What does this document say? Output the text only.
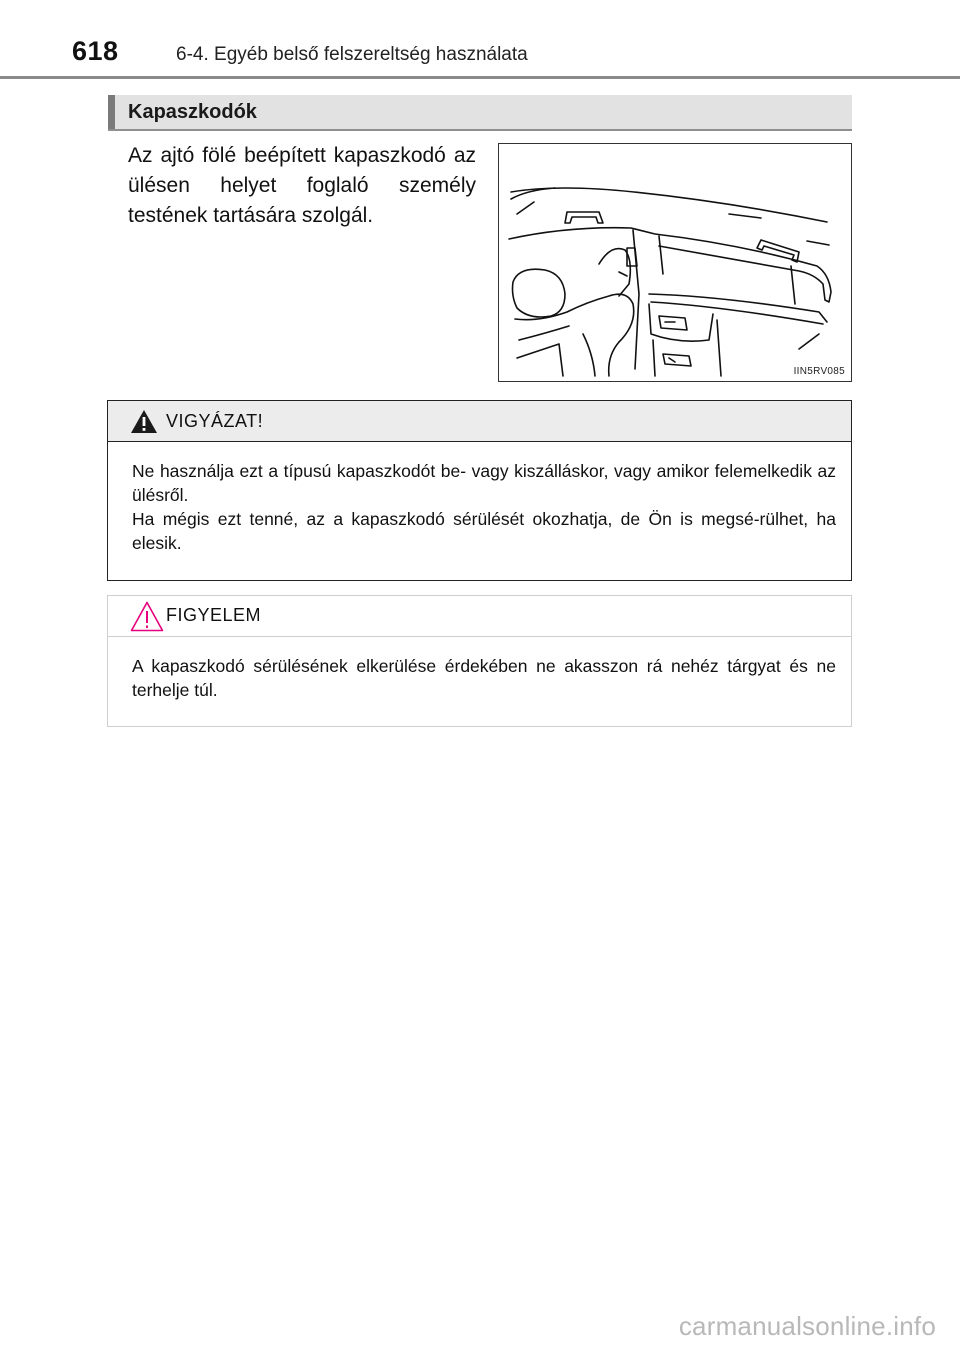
618	6-4. Egyéb belső felszereltség használata
Kapaszkodók
Az ajtó fölé beépített kapaszkodó az ülésen helyet foglaló személy testének tartására szolgál.
IIN5RV085
VIGYÁZAT!

Ne használja ezt a típusú kapaszkodót be- vagy kiszálláskor, vagy amikor felemelkedik az ülésről.

Ha mégis ezt tenné, az a kapaszkodó sérülését okozhatja, de Ön is megsé-rülhet, ha elesik.

FIGYELEM

A kapaszkodó sérülésének elkerülése érdekében ne akasszon rá nehéz tárgyat és ne terhelje túl.

carmanualsonline.info
